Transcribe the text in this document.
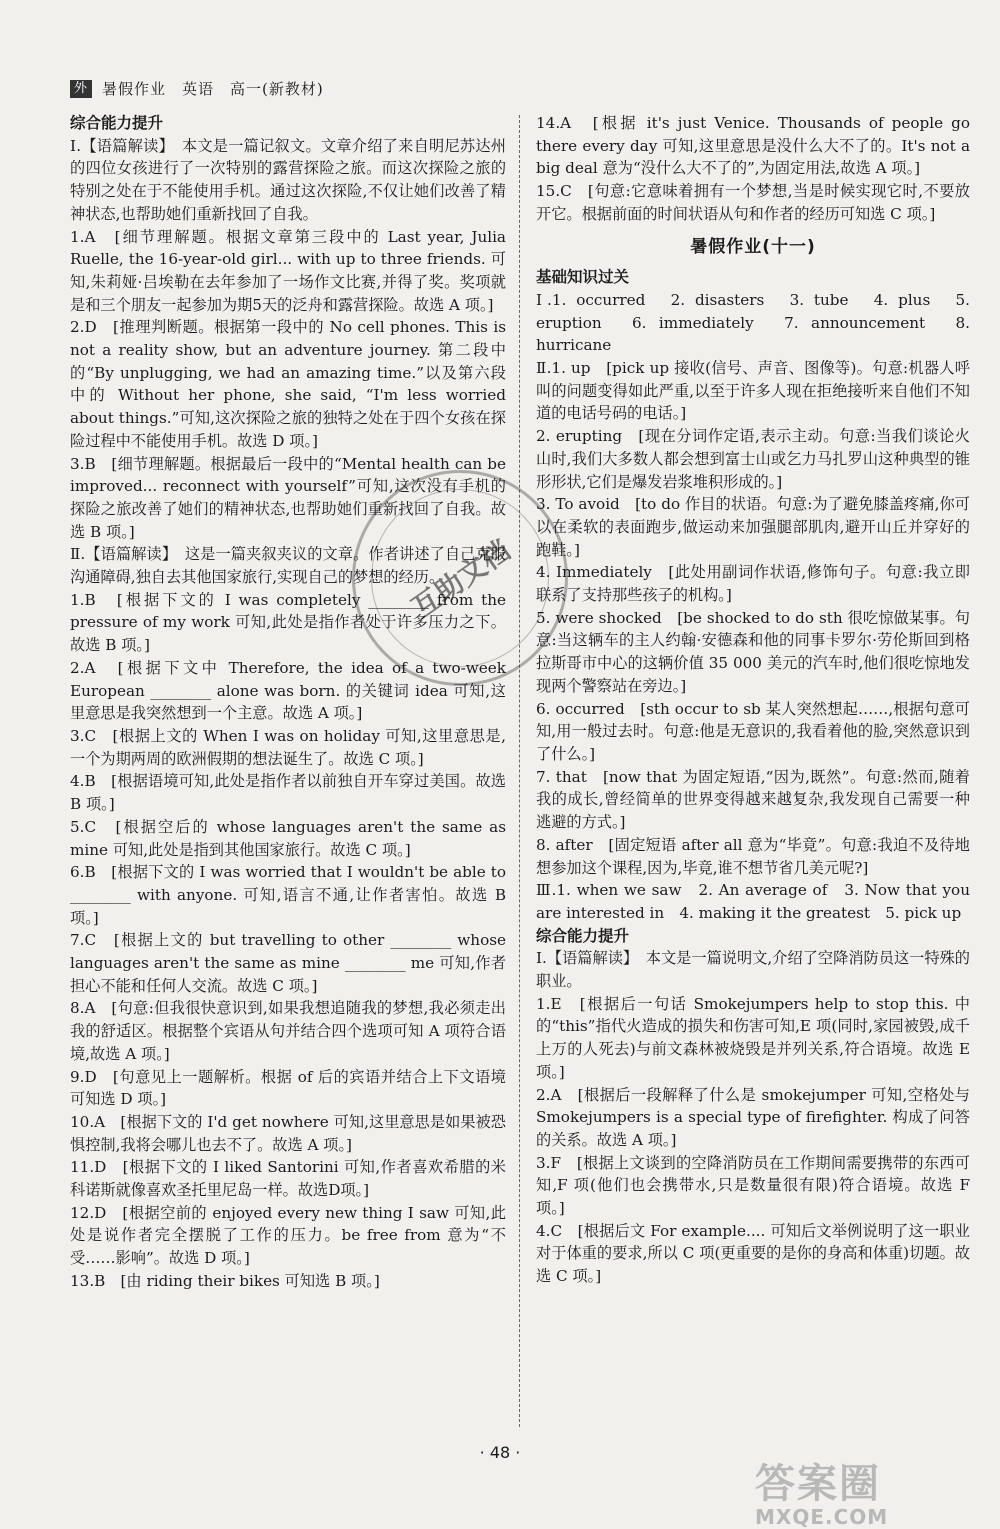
外 暑假作业　英语　高一(新教材)
综合能力提升

Ⅰ.【语篇解读】　本文是一篇记叙文。文章介绍了来自明尼苏达州的四位女孩进行了一次特别的露营探险之旅。而这次探险之旅的特别之处在于不能使用手机。通过这次探险,不仅让她们改善了精神状态,也帮助她们重新找回了自我。

1.A　[细节理解题。根据文章第三段中的 Last year, Julia Ruelle, the 16-year-old girl... with up to three friends. 可知,朱莉娅·吕埃勒在去年参加了一场作文比赛,并得了奖。奖项就是和三个朋友一起参加为期5天的泛舟和露营探险。故选 A 项。]

2.D　[推理判断题。根据第一段中的 No cell phones. This is not a reality show, but an adventure journey. 第二段中的“By unplugging, we had an amazing time.”以及第六段中的 Without her phone, she said, “I'm less worried about things.”可知,这次探险之旅的独特之处在于四个女孩在探险过程中不能使用手机。故选 D 项。]

3.B　[细节理解题。根据最后一段中的“Mental health can be improved... reconnect with yourself”可知,这次没有手机的探险之旅改善了她们的精神状态,也帮助她们重新找回了自我。故选 B 项。]

Ⅱ.【语篇解读】　这是一篇夹叙夹议的文章。作者讲述了自己克服沟通障碍,独自去其他国家旅行,实现自己的梦想的经历。

1.B　[根据下文的 I was completely ________ from the pressure of my work 可知,此处是指作者处于许多压力之下。故选 B 项。]

2.A　[根据下文中 Therefore, the idea of a two-week European ________ alone was born. 的关键词 idea 可知,这里意思是我突然想到一个主意。故选 A 项。]

3.C　[根据上文的 When I was on holiday 可知,这里意思是,一个为期两周的欧洲假期的想法诞生了。故选 C 项。]

4.B　[根据语境可知,此处是指作者以前独自开车穿过美国。故选 B 项。]

5.C　[根据空后的 whose languages aren't the same as mine 可知,此处是指到其他国家旅行。故选 C 项。]

6.B　[根据下文的 I was worried that I wouldn't be able to ________ with anyone. 可知,语言不通,让作者害怕。故选 B 项。]

7.C　[根据上文的 but travelling to other ________ whose languages aren't the same as mine ________ me 可知,作者担心不能和任何人交流。故选 C 项。]

8.A　[句意:但我很快意识到,如果我想追随我的梦想,我必须走出我的舒适区。根据整个宾语从句并结合四个选项可知 A 项符合语境,故选 A 项。]

9.D　[句意见上一题解析。根据 of 后的宾语并结合上下文语境可知选 D 项。]

10.A　[根据下文的 I'd get nowhere 可知,这里意思是如果被恐惧控制,我将会哪儿也去不了。故选 A 项。]

11.D　[根据下文的 I liked Santorini 可知,作者喜欢希腊的米科诺斯就像喜欢圣托里尼岛一样。故选D项。]

12.D　[根据空前的 enjoyed every new thing I saw 可知,此处是说作者完全摆脱了工作的压力。be free from 意为“不受……影响”。故选 D 项。]

13.B　[由 riding their bikes 可知选 B 项。]

14.A　[根据 it's just Venice. Thousands of people go there every day 可知,这里意思是没什么大不了的。It's not a big deal 意为“没什么大不了的”,为固定用法,故选 A 项。]

15.C　[句意:它意味着拥有一个梦想,当是时候实现它时,不要放开它。根据前面的时间状语从句和作者的经历可知选 C 项。]

暑假作业(十一)
基础知识过关

Ⅰ.1. occurred　2. disasters　3. tube　4. plus　5. eruption　6. immediately　7. announcement　8. hurricane

Ⅱ.1. up　[pick up 接收(信号、声音、图像等)。句意:机器人呼叫的问题变得如此严重,以至于许多人现在拒绝接听来自他们不知道的电话号码的电话。]

2. erupting　[现在分词作定语,表示主动。句意:当我们谈论火山时,我们大多数人都会想到富士山或乞力马扎罗山这种典型的锥形形状,它们是爆发岩浆堆积形成的。]

3. To avoid　[to do 作目的状语。句意:为了避免膝盖疼痛,你可以在柔软的表面跑步,做运动来加强腿部肌肉,避开山丘并穿好的跑鞋。]

4. Immediately　[此处用副词作状语,修饰句子。句意:我立即联系了支持那些孩子的机构。]

5. were shocked　[be shocked to do sth 很吃惊做某事。句意:当这辆车的主人约翰·安德森和他的同事卡罗尔·劳伦斯回到格拉斯哥市中心的这辆价值 35 000 美元的汽车时,他们很吃惊地发现两个警察站在旁边。]

6. occurred　[sth occur to sb 某人突然想起……,根据句意可知,用一般过去时。句意:他是无意识的,我看着他的脸,突然意识到了什么。]

7. that　[now that 为固定短语,“因为,既然”。句意:然而,随着我的成长,曾经简单的世界变得越来越复杂,我发现自己需要一种逃避的方式。]

8. after　[固定短语 after all 意为“毕竟”。句意:我迫不及待地想参加这个课程,因为,毕竟,谁不想节省几美元呢?]

Ⅲ.1. when we saw　2. An average of　3. Now that you are interested in　4. making it the greatest　5. pick up

综合能力提升

Ⅰ.【语篇解读】　本文是一篇说明文,介绍了空降消防员这一特殊的职业。

1.E　[根据后一句话 Smokejumpers help to stop this. 中的“this”指代火造成的损失和伤害可知,E 项(同时,家园被毁,成千上万的人死去)与前文森林被烧毁是并列关系,符合语境。故选 E 项。]

2.A　[根据后一段解释了什么是 smokejumper 可知,空格处与 Smokejumpers is a special type of firefighter. 构成了问答的关系。故选 A 项。]

3.F　[根据上文谈到的空降消防员在工作期间需要携带的东西可知,F 项(他们也会携带水,只是数量很有限)符合语境。故选 F 项。]

4.C　[根据后文 For example.... 可知后文举例说明了这一职业对于体重的要求,所以 C 项(更重要的是你的身高和体重)切题。故选 C 项。]

互助文档
· 48 ·
答案圈
MXQE.COM
